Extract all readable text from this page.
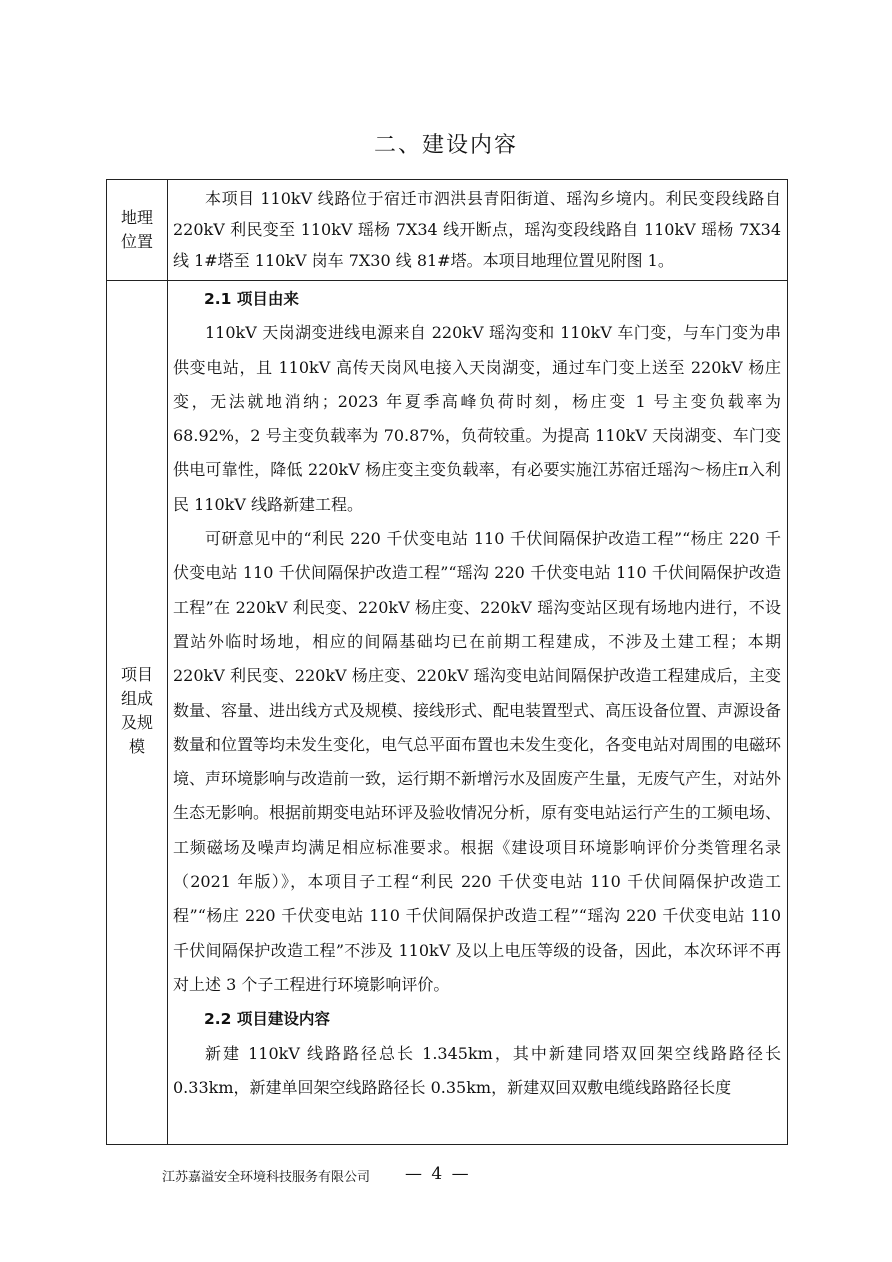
二、建设内容
地理
位置
本项目 110kV 线路位于宿迁市泗洪县青阳街道、瑶沟乡境内。利民变段线路自 220kV 利民变至 110kV 瑶杨 7X34 线开断点，瑶沟变段线路自 110kV 瑶杨 7X34 线 1#塔至 110kV 岗车 7X30 线 81#塔。本项目地理位置见附图 1。
项目
组成
及规
模

2.1 项目由来

110kV 天岗湖变进线电源来自 220kV 瑶沟变和 110kV 车门变，与车门变为串供变电站，且 110kV 高传天岗风电接入天岗湖变，通过车门变上送至 220kV 杨庄变，无法就地消纳；2023 年夏季高峰负荷时刻，杨庄变 1 号主变负载率为 68.92%，2 号主变负载率为 70.87%，负荷较重。为提高 110kV 天岗湖变、车门变供电可靠性，降低 220kV 杨庄变主变负载率，有必要实施江苏宿迁瑶沟～杨庄π入利民 110kV 线路新建工程。

可研意见中的“利民 220 千伏变电站 110 千伏间隔保护改造工程”“杨庄 220 千伏变电站 110 千伏间隔保护改造工程”“瑶沟 220 千伏变电站 110 千伏间隔保护改造工程”在 220kV 利民变、220kV 杨庄变、220kV 瑶沟变站区现有场地内进行，不设置站外临时场地，相应的间隔基础均已在前期工程建成，不涉及土建工程；本期 220kV 利民变、220kV 杨庄变、220kV 瑶沟变电站间隔保护改造工程建成后，主变数量、容量、进出线方式及规模、接线形式、配电装置型式、高压设备位置、声源设备数量和位置等均未发生变化，电气总平面布置也未发生变化，各变电站对周围的电磁环境、声环境影响与改造前一致，运行期不新增污水及固废产生量，无废气产生，对站外生态无影响。根据前期变电站环评及验收情况分析，原有变电站运行产生的工频电场、工频磁场及噪声均满足相应标准要求。根据《建设项目环境影响评价分类管理名录（2021 年版）》，本项目子工程“利民 220 千伏变电站 110 千伏间隔保护改造工程”“杨庄 220 千伏变电站 110 千伏间隔保护改造工程”“瑶沟 220 千伏变电站 110 千伏间隔保护改造工程”不涉及 110kV 及以上电压等级的设备，因此，本次环评不再对上述 3 个子工程进行环境影响评价。

2.2 项目建设内容

新建 110kV 线路路径总长 1.345km，其中新建同塔双回架空线路路径长 0.33km，新建单回架空线路路径长 0.35km，新建双回双敷电缆线路路径长度

江苏嘉溢安全环境科技服务有限公司 — 4 —
